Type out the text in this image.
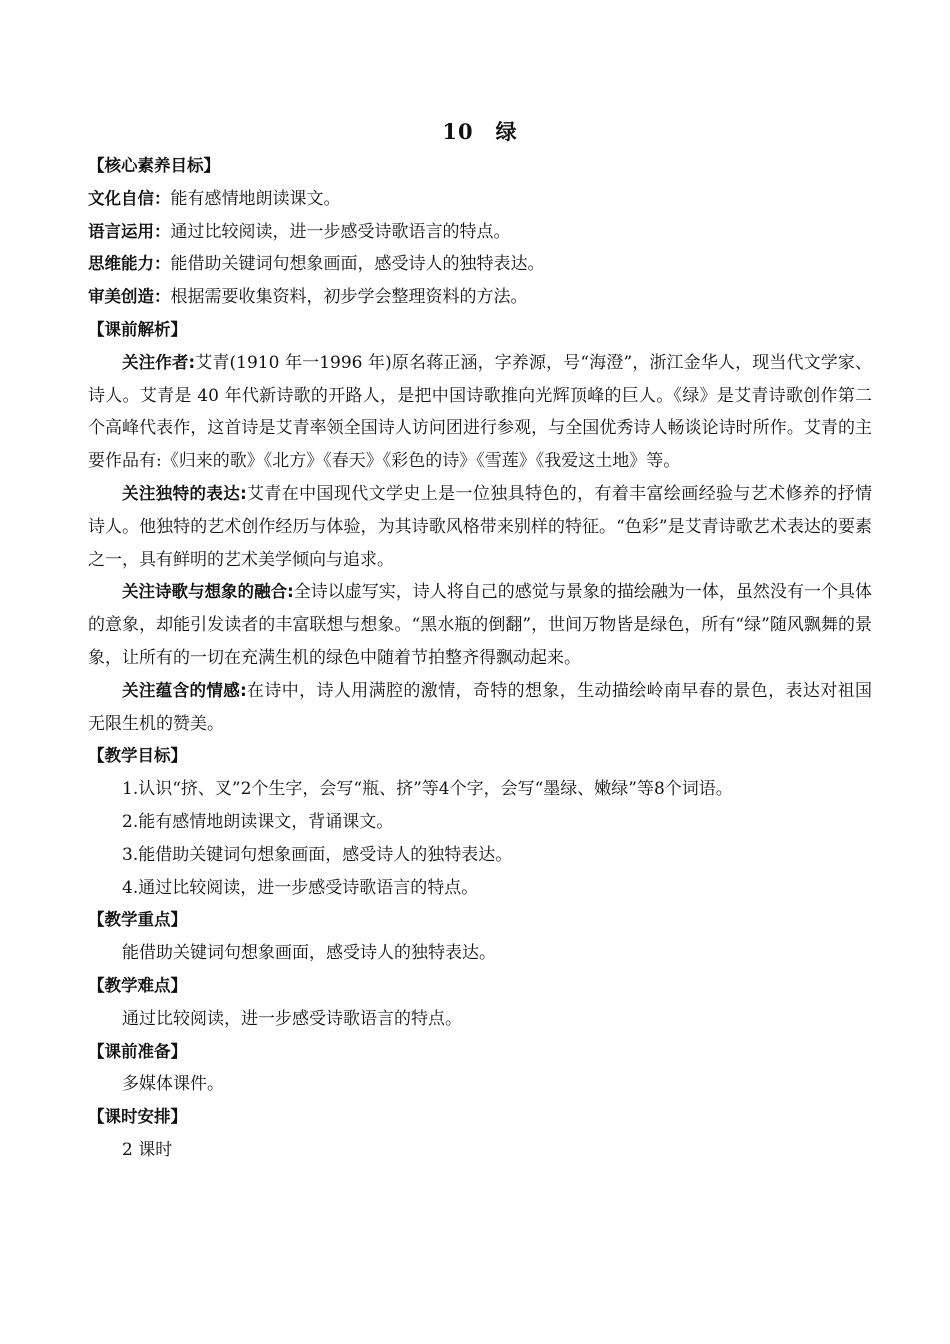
10 绿
【核心素养目标】
文化自信：能有感情地朗读课文。
语言运用：通过比较阅读，进一步感受诗歌语言的特点。
思维能力：能借助关键词句想象画面，感受诗人的独特表达。
审美创造：根据需要收集资料，初步学会整理资料的方法。
【课前解析】
关注作者:艾青(1910 年一1996 年)原名蒋正涵，字养源，号“海澄”，浙江金华人，现当代文学家、诗人。艾青是 40 年代新诗歌的开路人，是把中国诗歌推向光辉顶峰的巨人。《绿》是艾青诗歌创作第二个高峰代表作，这首诗是艾青率领全国诗人访问团进行参观，与全国优秀诗人畅谈论诗时所作。艾青的主要作品有:《归来的歌》《北方》《春天》《彩色的诗》《雪莲》《我爱这土地》等。
关注独特的表达:艾青在中国现代文学史上是一位独具特色的，有着丰富绘画经验与艺术修养的抒情诗人。他独特的艺术创作经历与体验，为其诗歌风格带来别样的特征。“色彩”是艾青诗歌艺术表达的要素之一，具有鲜明的艺术美学倾向与追求。
关注诗歌与想象的融合:全诗以虚写实，诗人将自己的感觉与景象的描绘融为一体，虽然没有一个具体的意象，却能引发读者的丰富联想与想象。“黑水瓶的倒翻”，世间万物皆是绿色，所有“绿”随风飘舞的景象，让所有的一切在充满生机的绿色中随着节拍整齐得飘动起来。
关注蕴含的情感:在诗中，诗人用满腔的激情，奇特的想象，生动描绘岭南早春的景色，表达对祖国无限生机的赞美。
【教学目标】
1.认识“挤、叉”2个生字，会写“瓶、挤”等4个字，会写“墨绿、嫩绿”等8个词语。
2.能有感情地朗读课文，背诵课文。
3.能借助关键词句想象画面，感受诗人的独特表达。
4.通过比较阅读，进一步感受诗歌语言的特点。
【教学重点】
能借助关键词句想象画面，感受诗人的独特表达。
【教学难点】
通过比较阅读，进一步感受诗歌语言的特点。
【课前准备】
多媒体课件。
【课时安排】
2 课时
